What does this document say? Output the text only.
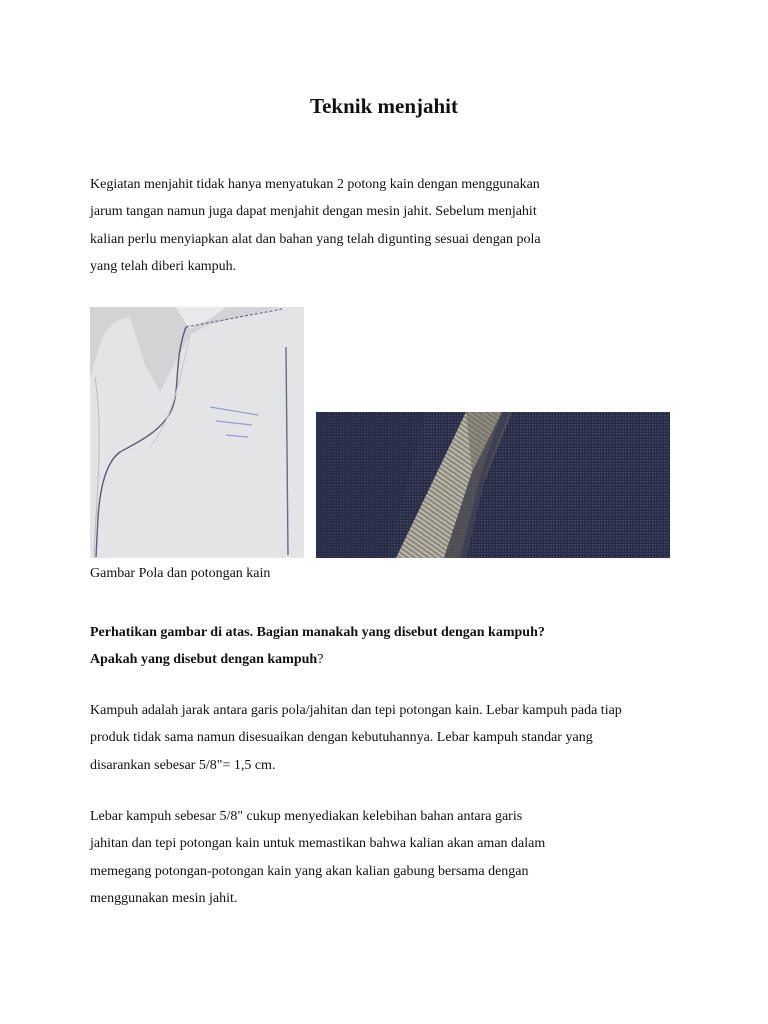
Teknik menjahit

Kegiatan menjahit tidak hanya menyatukan 2 potong kain dengan menggunakan
jarum tangan namun juga dapat menjahit dengan mesin jahit. Sebelum menjahit
kalian perlu menyiapkan alat dan bahan yang telah digunting sesuai dengan pola
yang telah diberi kampuh.

Gambar Pola dan potongan kain

Perhatikan gambar di atas. Bagian manakah yang disebut dengan kampuh?
Apakah yang disebut dengan kampuh?

Kampuh adalah jarak antara garis pola/jahitan dan tepi potongan kain. Lebar kampuh pada tiap
produk tidak sama namun disesuaikan dengan kebutuhannya. Lebar kampuh standar yang
disarankan sebesar 5/8"= 1,5 cm.

Lebar kampuh sebesar 5/8" cukup menyediakan kelebihan bahan antara garis
jahitan dan tepi potongan kain untuk memastikan bahwa kalian akan aman dalam
memegang potongan-potongan kain yang akan kalian gabung bersama dengan
menggunakan mesin jahit.
